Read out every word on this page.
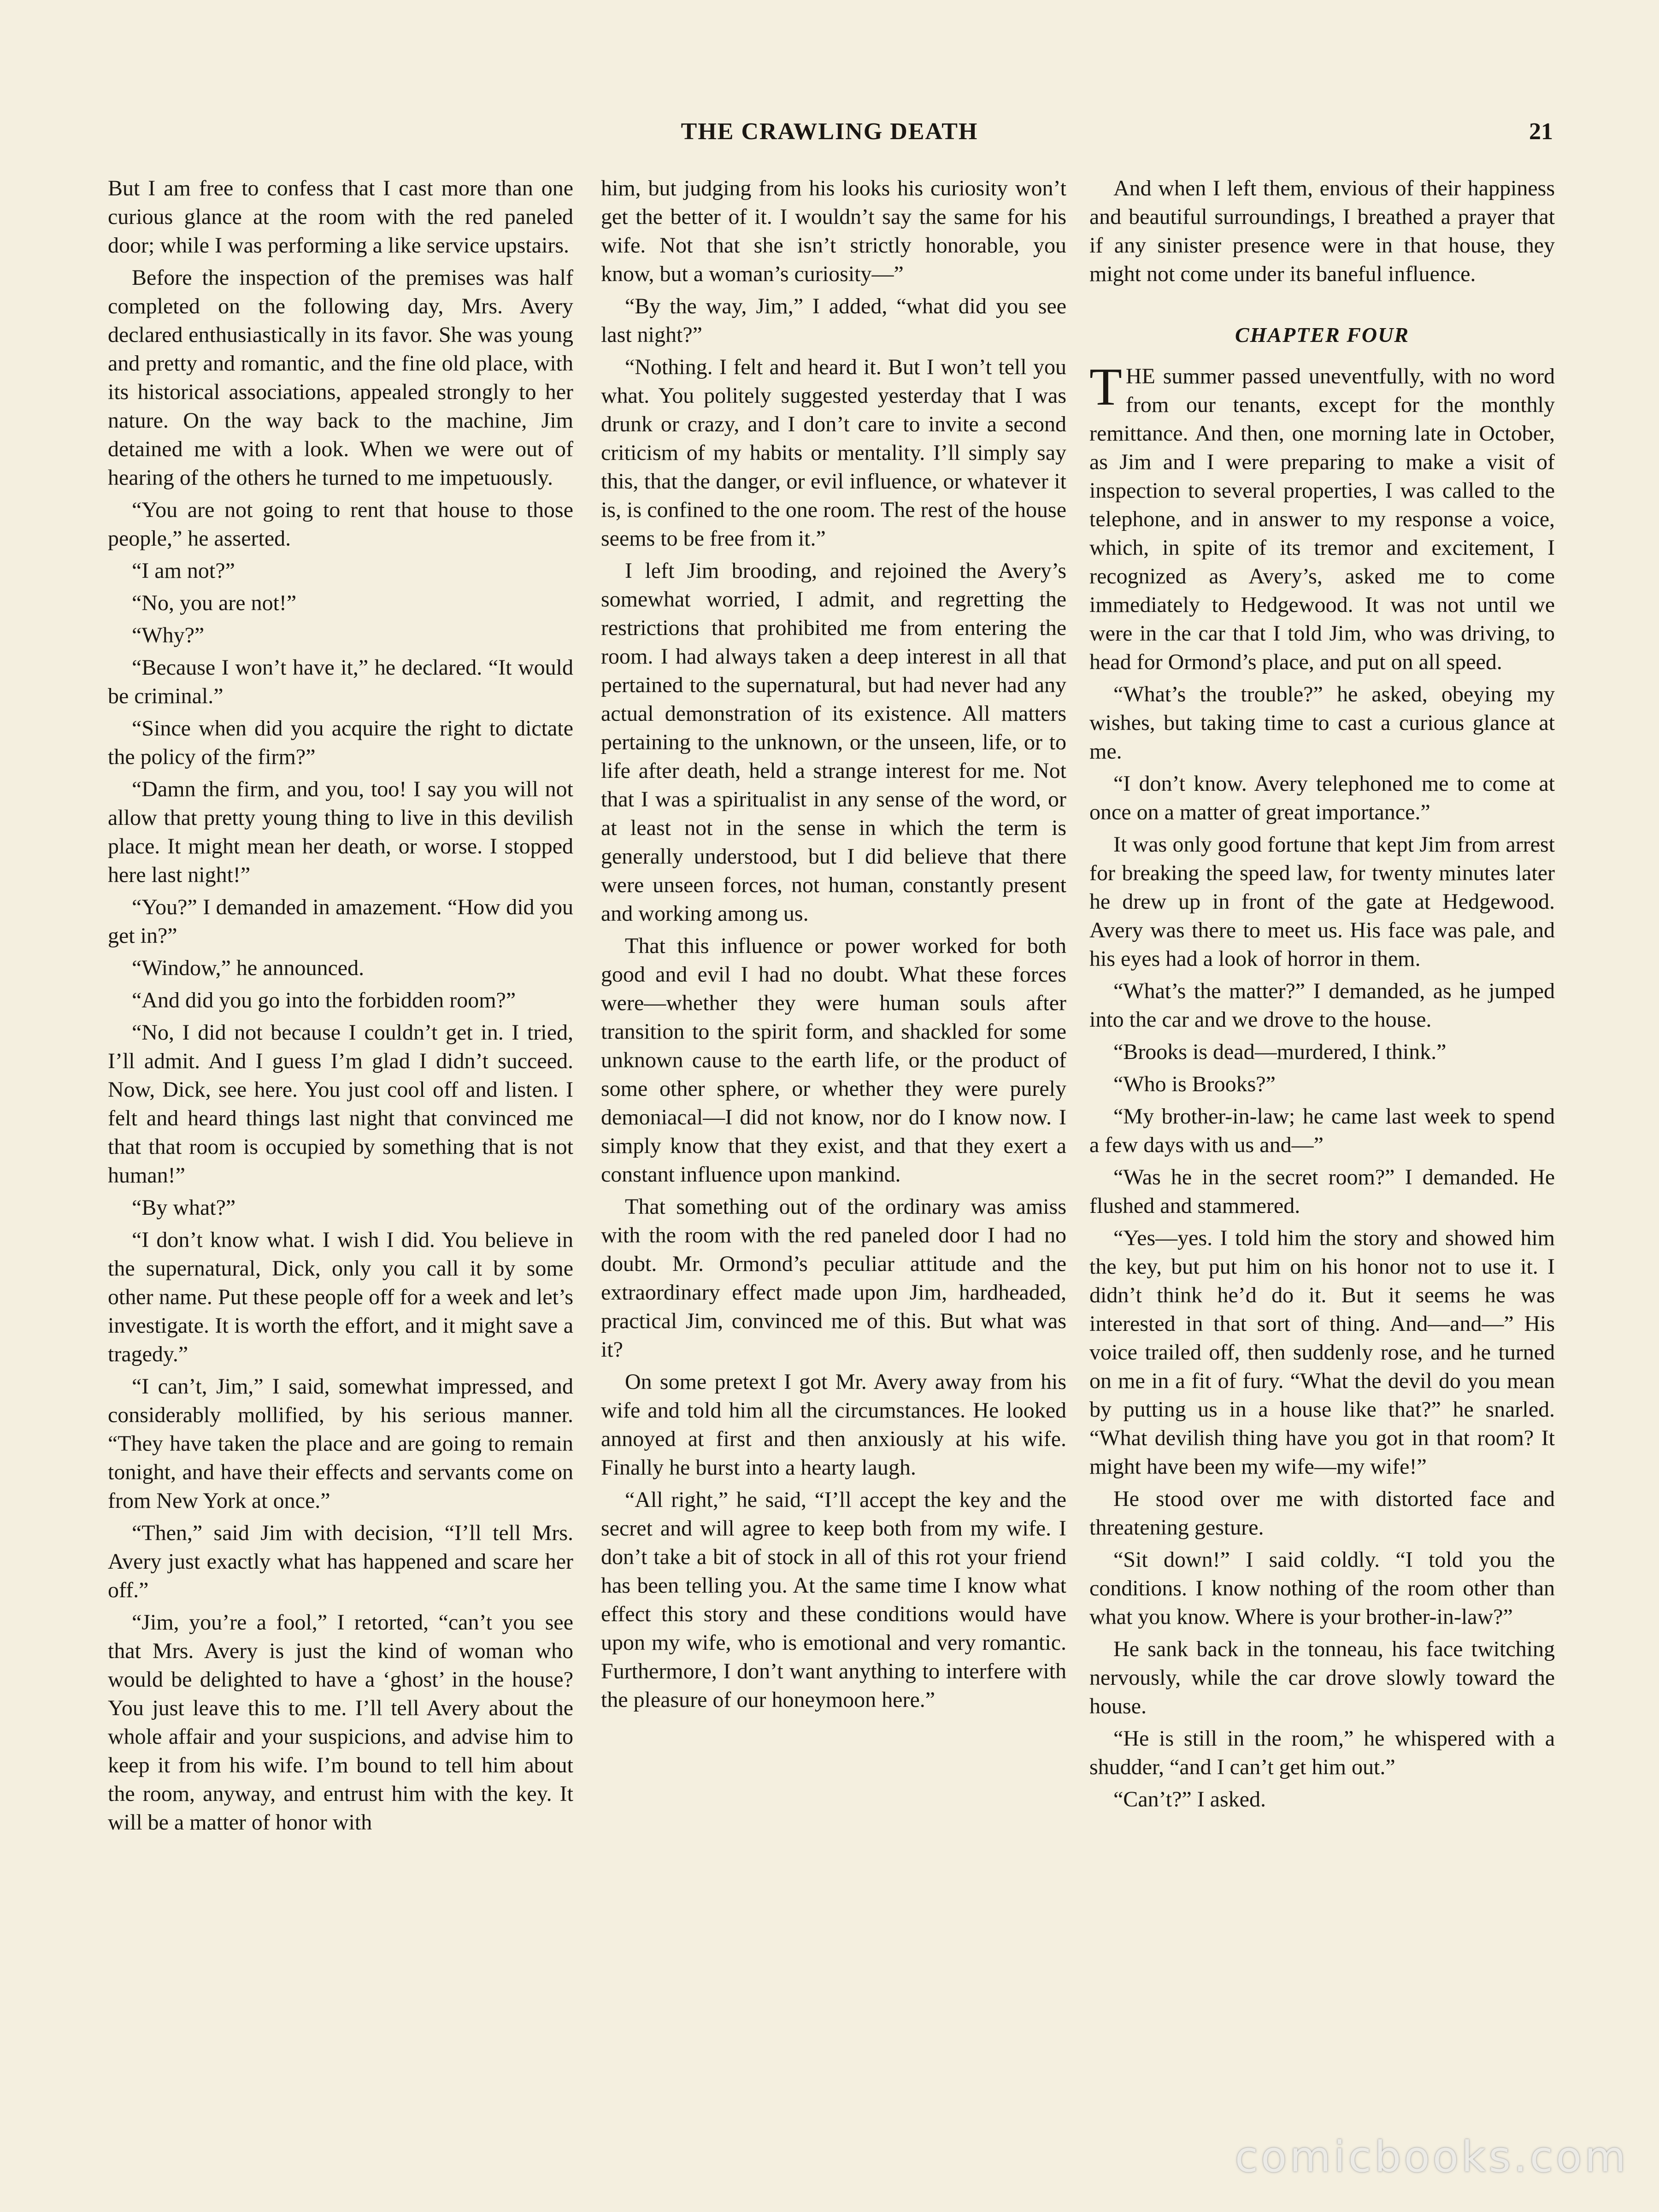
THE CRAWLING DEATH	21

But I am free to confess that I cast more than one curious glance at the room with the red paneled door; while I was performing a like service upstairs.

Before the inspection of the premises was half completed on the following day, Mrs. Avery declared enthusiastically in its favor. She was young and pretty and romantic, and the fine old place, with its historical associations, appealed strongly to her nature. On the way back to the machine, Jim detained me with a look. When we were out of hearing of the others he turned to me impetuously.

“You are not going to rent that house to those people,” he asserted.

“I am not?”

“No, you are not!”

“Why?”

“Because I won’t have it,” he declared. “It would be criminal.”

“Since when did you acquire the right to dictate the policy of the firm?”

“Damn the firm, and you, too! I say you will not allow that pretty young thing to live in this devilish place. It might mean her death, or worse. I stopped here last night!”

“You?” I demanded in amazement. “How did you get in?”

“Window,” he announced.

“And did you go into the forbidden room?”

“No, I did not because I couldn’t get in. I tried, I’ll admit. And I guess I’m glad I didn’t succeed. Now, Dick, see here. You just cool off and listen. I felt and heard things last night that convinced me that that room is occupied by something that is not human!”

“By what?”

“I don’t know what. I wish I did. You believe in the supernatural, Dick, only you call it by some other name. Put these people off for a week and let’s investigate. It is worth the effort, and it might save a tragedy.”

“I can’t, Jim,” I said, somewhat impressed, and considerably mollified, by his serious manner. “They have taken the place and are going to remain tonight, and have their effects and servants come on from New York at once.”

“Then,” said Jim with decision, “I’ll tell Mrs. Avery just exactly what has happened and scare her off.”

“Jim, you’re a fool,” I retorted, “can’t you see that Mrs. Avery is just the kind of woman who would be delighted to have a ‘ghost’ in the house? You just leave this to me. I’ll tell Avery about the whole affair and your suspicions, and advise him to keep it from his wife. I’m bound to tell him about the room, anyway, and entrust him with the key. It will be a matter of honor with

him, but judging from his looks his curiosity won’t get the better of it. I wouldn’t say the same for his wife. Not that she isn’t strictly honorable, you know, but a woman’s curiosity—”

“By the way, Jim,” I added, “what did you see last night?”

“Nothing. I felt and heard it. But I won’t tell you what. You politely suggested yesterday that I was drunk or crazy, and I don’t care to invite a second criticism of my habits or mentality. I’ll simply say this, that the danger, or evil influence, or whatever it is, is confined to the one room. The rest of the house seems to be free from it.”

I left Jim brooding, and rejoined the Avery’s somewhat worried, I admit, and regretting the restrictions that prohibited me from entering the room. I had always taken a deep interest in all that pertained to the supernatural, but had never had any actual demonstration of its existence. All matters pertaining to the unknown, or the unseen, life, or to life after death, held a strange interest for me. Not that I was a spiritualist in any sense of the word, or at least not in the sense in which the term is generally understood, but I did believe that there were unseen forces, not human, constantly present and working among us.

That this influence or power worked for both good and evil I had no doubt. What these forces were—whether they were human souls after transition to the spirit form, and shackled for some unknown cause to the earth life, or the product of some other sphere, or whether they were purely demoniacal—I did not know, nor do I know now. I simply know that they exist, and that they exert a constant influence upon mankind.

That something out of the ordinary was amiss with the room with the red paneled door I had no doubt. Mr. Ormond’s peculiar attitude and the extraordinary effect made upon Jim, hardheaded, practical Jim, convinced me of this. But what was it?

On some pretext I got Mr. Avery away from his wife and told him all the circumstances. He looked annoyed at first and then anxiously at his wife. Finally he burst into a hearty laugh.

“All right,” he said, “I’ll accept the key and the secret and will agree to keep both from my wife. I don’t take a bit of stock in all of this rot your friend has been telling you. At the same time I know what effect this story and these conditions would have upon my wife, who is emotional and very romantic. Furthermore, I don’t want anything to interfere with the pleasure of our honeymoon here.”

And when I left them, envious of their happiness and beautiful surroundings, I breathed a prayer that if any sinister presence were in that house, they might not come under its baneful influence.

CHAPTER FOUR

THE summer passed uneventfully, with no word from our tenants, except for the monthly remittance. And then, one morning late in October, as Jim and I were preparing to make a visit of inspection to several properties, I was called to the telephone, and in answer to my response a voice, which, in spite of its tremor and excitement, I recognized as Avery’s, asked me to come immediately to Hedgewood. It was not until we were in the car that I told Jim, who was driving, to head for Ormond’s place, and put on all speed.

“What’s the trouble?” he asked, obeying my wishes, but taking time to cast a curious glance at me.

“I don’t know. Avery telephoned me to come at once on a matter of great importance.”

It was only good fortune that kept Jim from arrest for breaking the speed law, for twenty minutes later he drew up in front of the gate at Hedgewood. Avery was there to meet us. His face was pale, and his eyes had a look of horror in them.

“What’s the matter?” I demanded, as he jumped into the car and we drove to the house.

“Brooks is dead—murdered, I think.”

“Who is Brooks?”

“My brother-in-law; he came last week to spend a few days with us and—”

“Was he in the secret room?” I demanded. He flushed and stammered.

“Yes—yes. I told him the story and showed him the key, but put him on his honor not to use it. I didn’t think he’d do it. But it seems he was interested in that sort of thing. And—and—” His voice trailed off, then suddenly rose, and he turned on me in a fit of fury. “What the devil do you mean by putting us in a house like that?” he snarled. “What devilish thing have you got in that room? It might have been my wife—my wife!”

He stood over me with distorted face and threatening gesture.

“Sit down!” I said coldly. “I told you the conditions. I know nothing of the room other than what you know. Where is your brother-in-law?”

He sank back in the tonneau, his face twitching nervously, while the car drove slowly toward the house.

“He is still in the room,” he whispered with a shudder, “and I can’t get him out.”

“Can’t?” I asked.

comicbooks.com
